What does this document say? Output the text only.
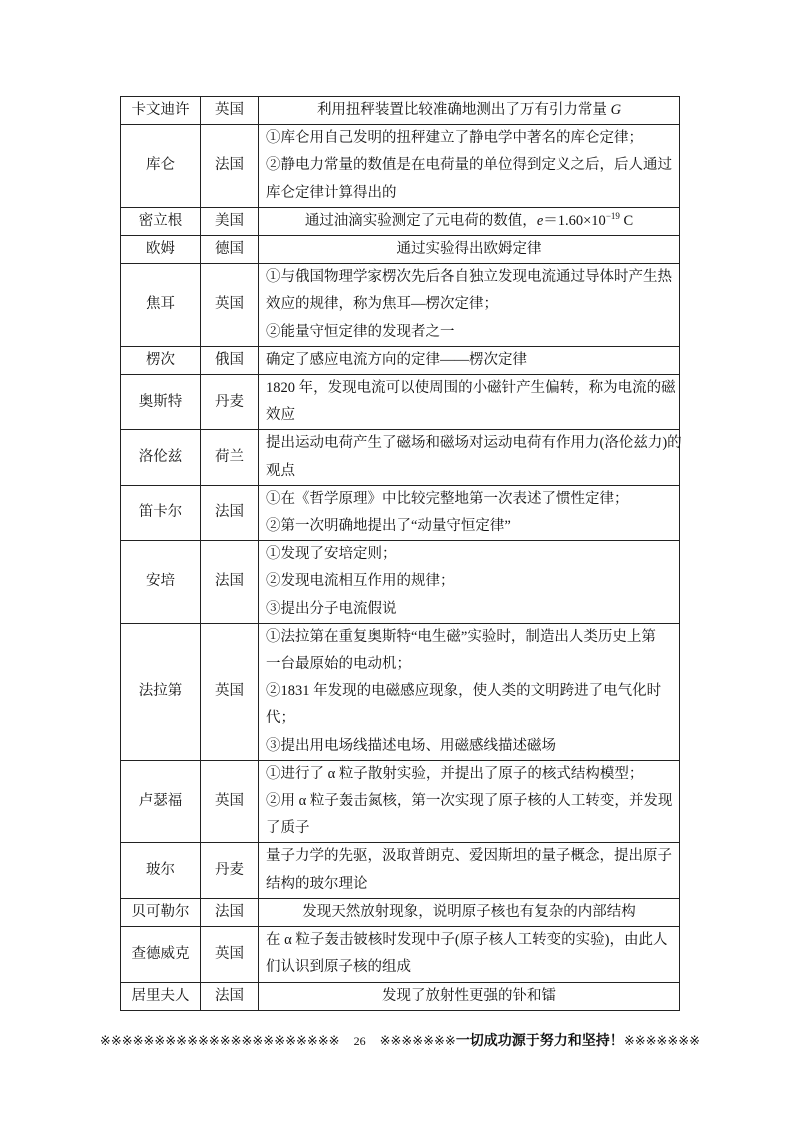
卡文迪许	英国	利用扭秤装置比较准确地测出了万有引力常量 G

库仑	法国	①库仑用自己发明的扭秤建立了静电学中著名的库仑定律；
②静电力常量的数值是在电荷量的单位得到定义之后，后人通过
库仑定律计算得出的

密立根	美国	通过油滴实验测定了元电荷的数值，$e=1.60\times 10^{-19}$ C

欧姆	德国	通过实验得出欧姆定律

焦耳	英国	①与俄国物理学家楞次先后各自独立发现电流通过导体时产生热
效应的规律，称为焦耳—楞次定律；
②能量守恒定律的发现者之一

楞次	俄国	确定了感应电流方向的定律——楞次定律

奥斯特	丹麦	1820 年，发现电流可以使周围的小磁针产生偏转，称为电流的磁
效应

洛伦兹	荷兰	提出运动电荷产生了磁场和磁场对运动电荷有作用力(洛伦兹力)的
观点

笛卡尔	法国	①在《哲学原理》中比较完整地第一次表述了惯性定律；
②第一次明确地提出了“动量守恒定律”

安培	法国	①发现了安培定则；
②发现电流相互作用的规律；
③提出分子电流假说

法拉第	英国	①法拉第在重复奥斯特“电生磁”实验时，制造出人类历史上第
一台最原始的电动机；
②1831 年发现的电磁感应现象，使人类的文明跨进了电气化时
代；
③提出用电场线描述电场、用磁感线描述磁场

卢瑟福	英国	①进行了 α 粒子散射实验，并提出了原子的核式结构模型；
②用 α 粒子轰击氮核，第一次实现了原子核的人工转变，并发现
了质子

玻尔	丹麦	量子力学的先驱，汲取普朗克、爱因斯坦的量子概念，提出原子
结构的玻尔理论

贝可勒尔	法国	发现天然放射现象，说明原子核也有复杂的内部结构

查德威克	英国	在 α 粒子轰击铍核时发现中子(原子核人工转变的实验)，由此人
们认识到原子核的组成

居里夫人	法国	发现了放射性更强的钋和镭
※※※※※※※※※※※※※※※※※※※※※※ 26 ※※※※※※※一切成功源于努力和坚持！※※※※※※※
